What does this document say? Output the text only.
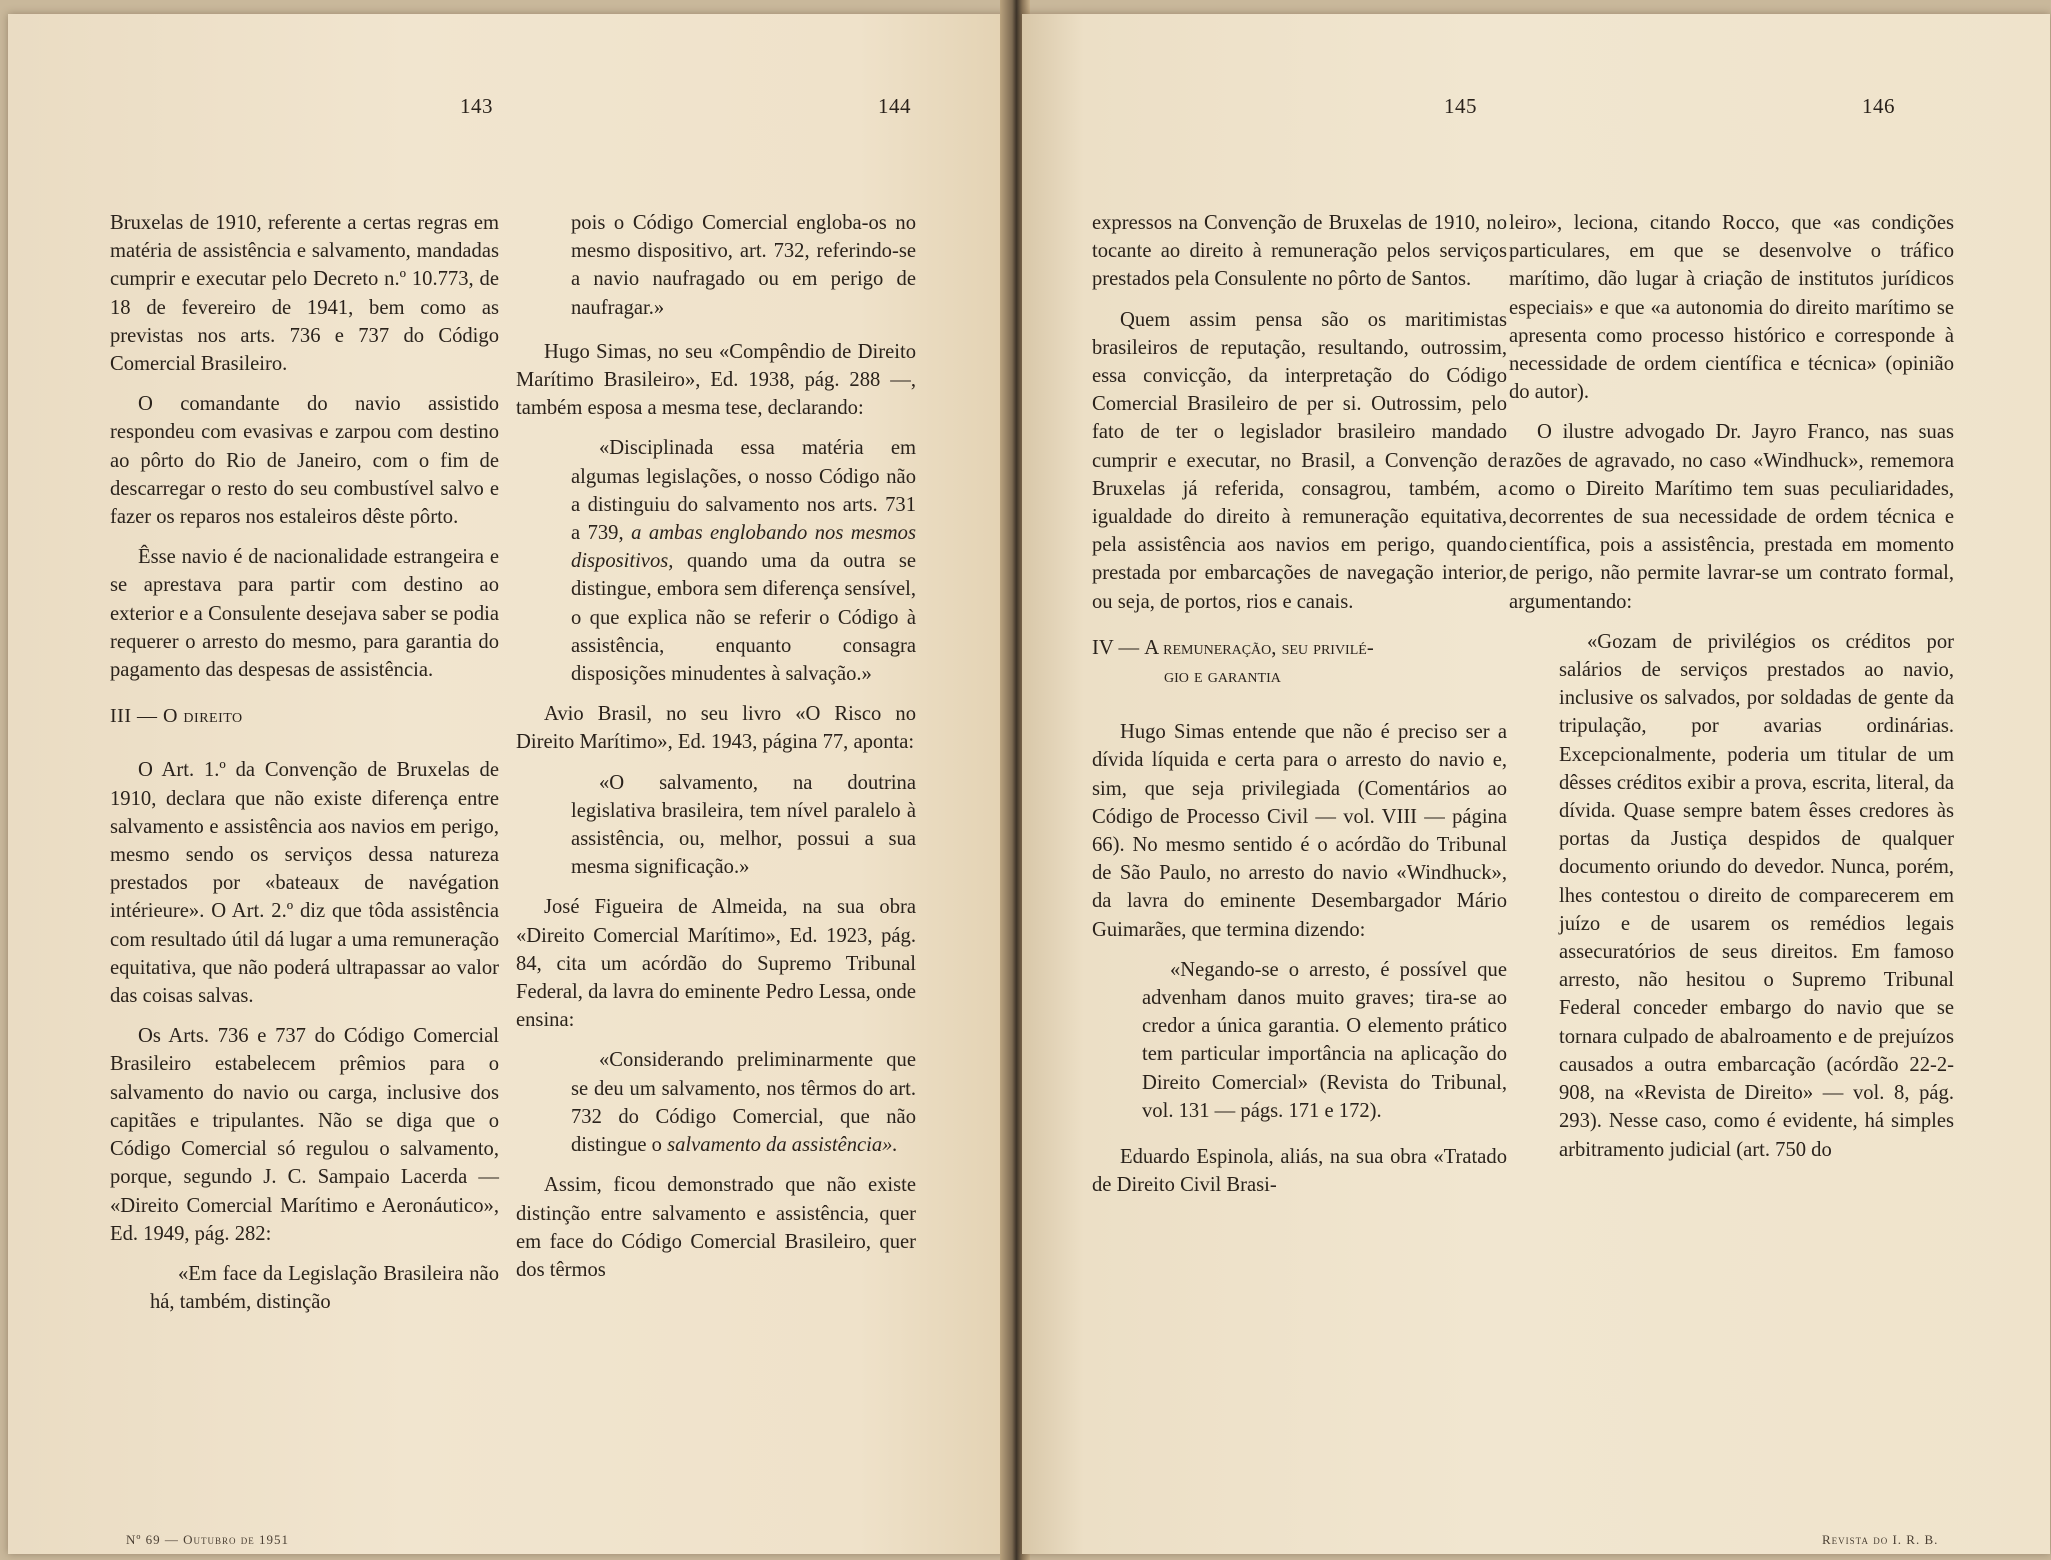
143

Bruxelas de 1910, referente a certas regras em matéria de assistência e salvamento, mandadas cumprir e executar pelo Decreto n.º 10.773, de 18 de fevereiro de 1941, bem como as previstas nos arts. 736 e 737 do Código Comercial Brasileiro.

O comandante do navio assistido respondeu com evasivas e zarpou com destino ao pôrto do Rio de Janeiro, com o fim de descarregar o resto do seu combustível salvo e fazer os reparos nos estaleiros dêste pôrto.

Êsse navio é de nacionalidade estrangeira e se aprestava para partir com destino ao exterior e a Consulente desejava saber se podia requerer o arresto do mesmo, para garantia do pagamento das despesas de assistência.

III — O direito

O Art. 1.º da Convenção de Bruxelas de 1910, declara que não existe diferença entre salvamento e assistência aos navios em perigo, mesmo sendo os serviços dessa natureza prestados por «bateaux de navégation intérieure». O Art. 2.º diz que tôda assistência com resultado útil dá lugar a uma remuneração equitativa, que não poderá ultrapassar ao valor das coisas salvas.

Os Arts. 736 e 737 do Código Comercial Brasileiro estabelecem prêmios para o salvamento do navio ou carga, inclusive dos capitães e tripulantes. Não se diga que o Código Comercial só regulou o salvamento, porque, segundo J. C. Sampaio Lacerda — «Direito Comercial Marítimo e Aeronáutico», Ed. 1949, pág. 282:

«Em face da Legislação Brasileira não há, também, distinção

Nº 69 — Outubro de 1951
144

pois o Código Comercial engloba-os no mesmo dispositivo, art. 732, referindo-se a navio naufragado ou em perigo de naufragar.»

Hugo Simas, no seu «Compêndio de Direito Marítimo Brasileiro», Ed. 1938, pág. 288 —, também esposa a mesma tese, declarando:

«Disciplinada essa matéria em algumas legislações, o nosso Código não a distinguiu do salvamento nos arts. 731 a 739, a ambas englobando nos mesmos dispositivos, quando uma da outra se distingue, embora sem diferença sensível, o que explica não se referir o Código à assistência, enquanto consagra disposições minudentes à salvação.»

Avio Brasil, no seu livro «O Risco no Direito Marítimo», Ed. 1943, página 77, aponta:

«O salvamento, na doutrina legislativa brasileira, tem nível paralelo à assistência, ou, melhor, possui a sua mesma significação.»

José Figueira de Almeida, na sua obra «Direito Comercial Marítimo», Ed. 1923, pág. 84, cita um acórdão do Supremo Tribunal Federal, da lavra do eminente Pedro Lessa, onde ensina:

«Considerando preliminarmente que se deu um salvamento, nos têrmos do art. 732 do Código Comercial, que não distingue o salvamento da assistência».

Assim, ficou demonstrado que não existe distinção entre salvamento e assistência, quer em face do Código Comercial Brasileiro, quer dos têrmos

145

expressos na Convenção de Bruxelas de 1910, no tocante ao direito à remuneração pelos serviços prestados pela Consulente no pôrto de Santos.

Quem assim pensa são os maritimistas brasileiros de reputação, resultando, outrossim, essa convicção, da interpretação do Código Comercial Brasileiro de per si. Outrossim, pelo fato de ter o legislador brasileiro mandado cumprir e executar, no Brasil, a Convenção de Bruxelas já referida, consagrou, também, a igualdade do direito à remuneração equitativa, pela assistência aos navios em perigo, quando prestada por embarcações de navegação interior, ou seja, de portos, rios e canais.

IV — A remuneração, seu privilé-
gio e garantia

Hugo Simas entende que não é preciso ser a dívida líquida e certa para o arresto do navio e, sim, que seja privilegiada (Comentários ao Código de Processo Civil — vol. VIII — página 66). No mesmo sentido é o acórdão do Tribunal de São Paulo, no arresto do navio «Windhuck», da lavra do eminente Desembargador Mário Guimarães, que termina dizendo:

«Negando-se o arresto, é possível que advenham danos muito graves; tira-se ao credor a única garantia. O elemento prático tem particular importância na aplicação do Direito Comercial» (Revista do Tribunal, vol. 131 — págs. 171 e 172).

Eduardo Espinola, aliás, na sua obra «Tratado de Direito Civil Brasi-

146

leiro», leciona, citando Rocco, que «as condições particulares, em que se desenvolve o tráfico marítimo, dão lugar à criação de institutos jurídicos especiais» e que «a autonomia do direito marítimo se apresenta como processo histórico e corresponde à necessidade de ordem científica e técnica» (opinião do autor).

O ilustre advogado Dr. Jayro Franco, nas suas razões de agravado, no caso «Windhuck», rememora como o Direito Marítimo tem suas peculiaridades, decorrentes de sua necessidade de ordem técnica e científica, pois a assistência, prestada em momento de perigo, não permite lavrar-se um contrato formal, argumentando:

«Gozam de privilégios os créditos por salários de serviços prestados ao navio, inclusive os salvados, por soldadas de gente da tripulação, por avarias ordinárias. Excepcionalmente, poderia um titular de um dêsses créditos exibir a prova, escrita, literal, da dívida. Quase sempre batem êsses credores às portas da Justiça despidos de qualquer documento oriundo do devedor. Nunca, porém, lhes contestou o direito de comparecerem em juízo e de usarem os remédios legais assecuratórios de seus direitos. Em famoso arresto, não hesitou o Supremo Tribunal Federal conceder embargo do navio que se tornara culpado de abalroamento e de prejuízos causados a outra embarcação (acórdão 22-2-908, na «Revista de Direito» — vol. 8, pág. 293). Nesse caso, como é evidente, há simples arbitramento judicial (art. 750 do

Revista do I. R. B.
